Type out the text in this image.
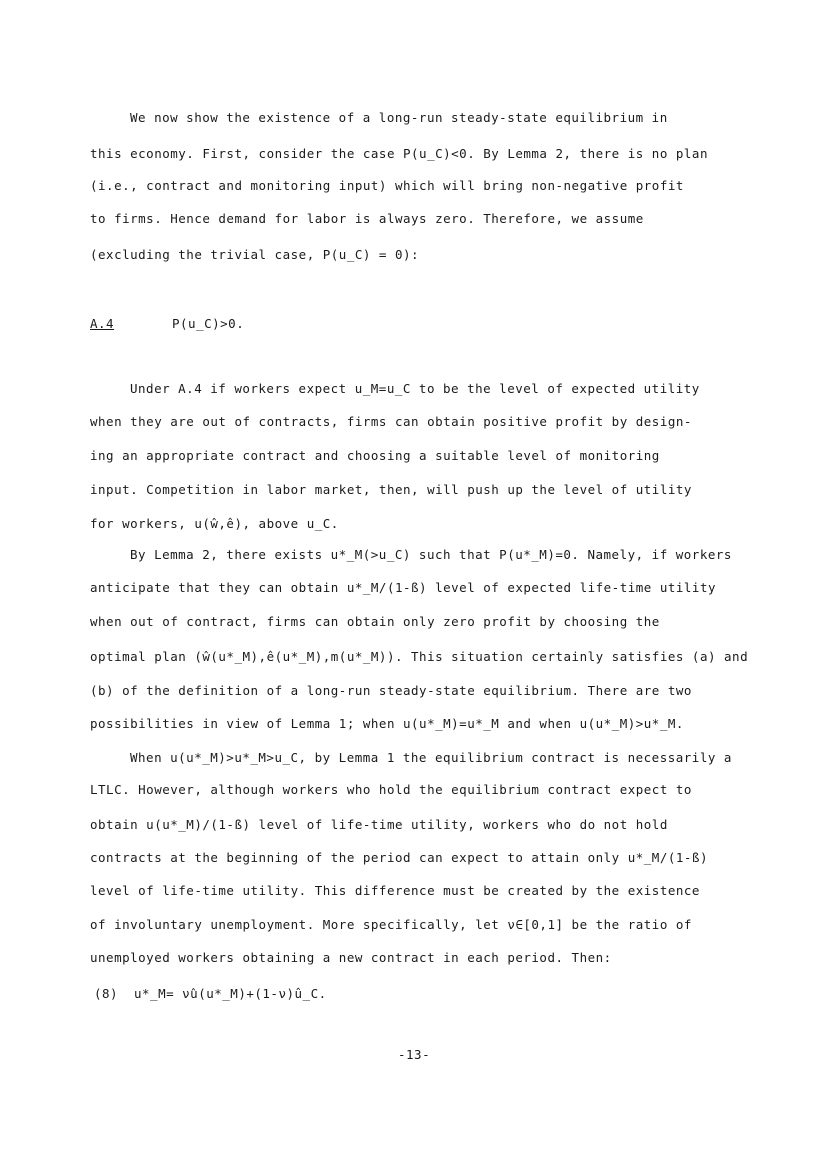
We now show the existence of a long-run steady-state equilibrium in
this economy. First, consider the case P(u_C)<0. By Lemma 2, there is no plan
(i.e., contract and monitoring input) which will bring non-negative profit
to firms. Hence demand for labor is always zero. Therefore, we assume
(excluding the trivial case, P(u_C) = 0):
A.4	P(u_C)>0.
Under A.4 if workers expect u_M=u_C to be the level of expected utility
when they are out of contracts, firms can obtain positive profit by design-
ing an appropriate contract and choosing a suitable level of monitoring
input. Competition in labor market, then, will push up the level of utility
for workers, u(ŵ,ê), above u_C.
By Lemma 2, there exists u*_M(>u_C) such that P(u*_M)=0. Namely, if workers
anticipate that they can obtain u*_M/(1-ß) level of expected life-time utility
when out of contract, firms can obtain only zero profit by choosing the
optimal plan (ŵ(u*_M),ê(u*_M),m(u*_M)). This situation certainly satisfies (a) and
(b) of the definition of a long-run steady-state equilibrium. There are two
possibilities in view of Lemma 1; when u(u*_M)=u*_M and when u(u*_M)>u*_M.
When u(u*_M)>u*_M>u_C, by Lemma 1 the equilibrium contract is necessarily a
LTLC. However, although workers who hold the equilibrium contract expect to
obtain u(u*_M)/(1-ß) level of life-time utility, workers who do not hold
contracts at the beginning of the period can expect to attain only u*_M/(1-ß)
level of life-time utility. This difference must be created by the existence
of involuntary unemployment. More specifically, let ν∈[0,1] be the ratio of
unemployed workers obtaining a new contract in each period. Then:
(8) u*_M= ν̂u(u*_M)+(1-ν)û_C.
-13-
